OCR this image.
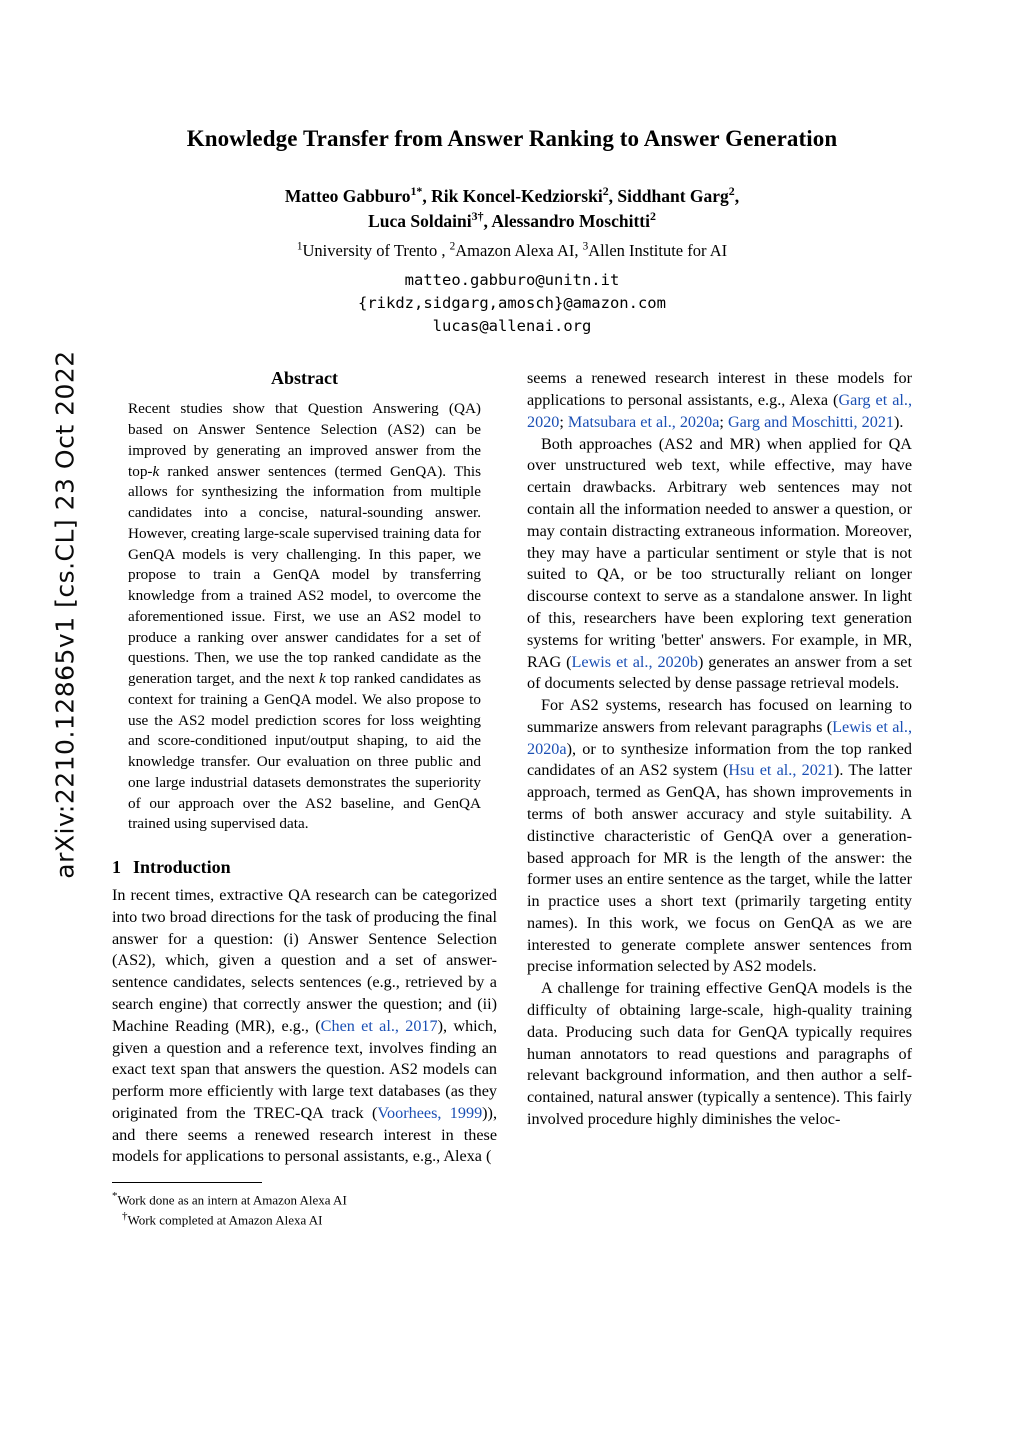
arXiv:2210.12865v1 [cs.CL] 23 Oct 2022
Knowledge Transfer from Answer Ranking to Answer Generation
Matteo Gabburo$^{1*}$, Rik Koncel-Kedziorski$^2$, Siddhant Garg$^2$,
Luca Soldaini$^{3\dagger}$, Alessandro Moschitti$^2$
$^1$University of Trento , $^2$Amazon Alexa AI, $^3$Allen Institute for AI
matteo.gabburo@unitn.it
{rikdz,sidgarg,amosch}@amazon.com
lucas@allenai.org
Abstract
Recent studies show that Question Answering (QA) based on Answer Sentence Selection (AS2) can be improved by generating an improved answer from the top-k ranked answer sentences (termed GenQA). This allows for synthesizing the information from multiple candidates into a concise, natural-sounding answer. However, creating large-scale supervised training data for GenQA models is very challenging. In this paper, we propose to train a GenQA model by transferring knowledge from a trained AS2 model, to overcome the aforementioned issue. First, we use an AS2 model to produce a ranking over answer candidates for a set of questions. Then, we use the top ranked candidate as the generation target, and the next k top ranked candidates as context for training a GenQA model. We also propose to use the AS2 model prediction scores for loss weighting and score-conditioned input/output shaping, to aid the knowledge transfer. Our evaluation on three public and one large industrial datasets demonstrates the superiority of our approach over the AS2 baseline, and GenQA trained using supervised data.
1 Introduction

In recent times, extractive QA research can be categorized into two broad directions for the task of producing the final answer for a question: (i) Answer Sentence Selection (AS2), which, given a question and a set of answer-sentence candidates, selects sentences (e.g., retrieved by a search engine) that correctly answer the question; and (ii) Machine Reading (MR), e.g., (Chen et al., 2017), which, given a question and a reference text, involves finding an exact text span that answers the question. AS2 models can perform more efficiently with large text databases (as they originated from the TREC-QA track (Voorhees, 1999)), and there seems a renewed research interest in these models for applications to personal assistants, e.g., Alexa (

*Work done as an intern at Amazon Alexa AI
†Work completed at Amazon Alexa AI

seems a renewed research interest in these models for applications to personal assistants, e.g., Alexa (Garg et al., 2020; Matsubara et al., 2020a; Garg and Moschitti, 2021).

Both approaches (AS2 and MR) when applied for QA over unstructured web text, while effective, may have certain drawbacks. Arbitrary web sentences may not contain all the information needed to answer a question, or may contain distracting extraneous information. Moreover, they may have a particular sentiment or style that is not suited to QA, or be too structurally reliant on longer discourse context to serve as a standalone answer. In light of this, researchers have been exploring text generation systems for writing 'better' answers. For example, in MR, RAG (Lewis et al., 2020b) generates an answer from a set of documents selected by dense passage retrieval models.

For AS2 systems, research has focused on learning to summarize answers from relevant paragraphs (Lewis et al., 2020a), or to synthesize information from the top ranked candidates of an AS2 system (Hsu et al., 2021). The latter approach, termed as GenQA, has shown improvements in terms of both answer accuracy and style suitability. A distinctive characteristic of GenQA over a generation-based approach for MR is the length of the answer: the former uses an entire sentence as the target, while the latter in practice uses a short text (primarily targeting entity names). In this work, we focus on GenQA as we are interested to generate complete answer sentences from precise information selected by AS2 models.

A challenge for training effective GenQA models is the difficulty of obtaining large-scale, high-quality training data. Producing such data for GenQA typically requires human annotators to read questions and paragraphs of relevant background information, and then author a self-contained, natural answer (typically a sentence). This fairly involved procedure highly diminishes the veloc-
